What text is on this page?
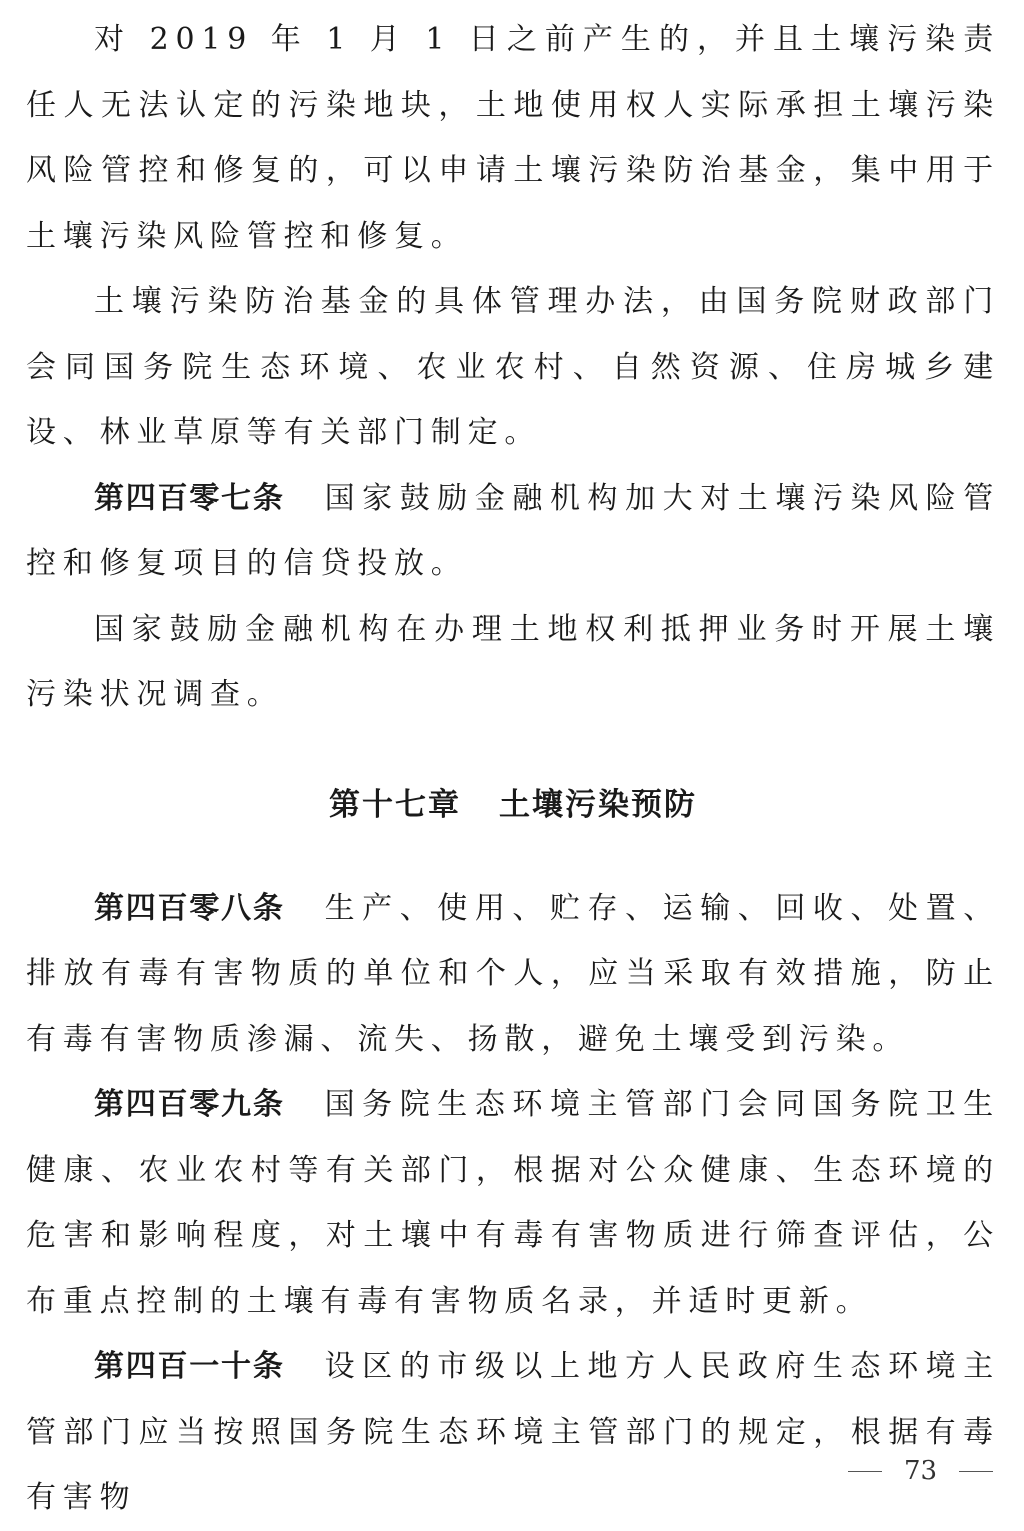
对 2019 年 1 月 1 日之前产生的，并且土壤污染责任人无法认定的污染地块，土地使用权人实际承担土壤污染风险管控和修复的，可以申请土壤污染防治基金，集中用于土壤污染风险管控和修复。

土壤污染防治基金的具体管理办法，由国务院财政部门会同国务院生态环境、农业农村、自然资源、住房城乡建设、林业草原等有关部门制定。

第四百零七条 国家鼓励金融机构加大对土壤污染风险管控和修复项目的信贷投放。

国家鼓励金融机构在办理土地权利抵押业务时开展土壤污染状况调查。

第十七章 土壤污染预防

第四百零八条 生产、使用、贮存、运输、回收、处置、排放有毒有害物质的单位和个人，应当采取有效措施，防止有毒有害物质渗漏、流失、扬散，避免土壤受到污染。

第四百零九条 国务院生态环境主管部门会同国务院卫生健康、农业农村等有关部门，根据对公众健康、生态环境的危害和影响程度，对土壤中有毒有害物质进行筛查评估，公布重点控制的土壤有毒有害物质名录，并适时更新。

第四百一十条 设区的市级以上地方人民政府生态环境主管部门应当按照国务院生态环境主管部门的规定，根据有毒有害物

73
